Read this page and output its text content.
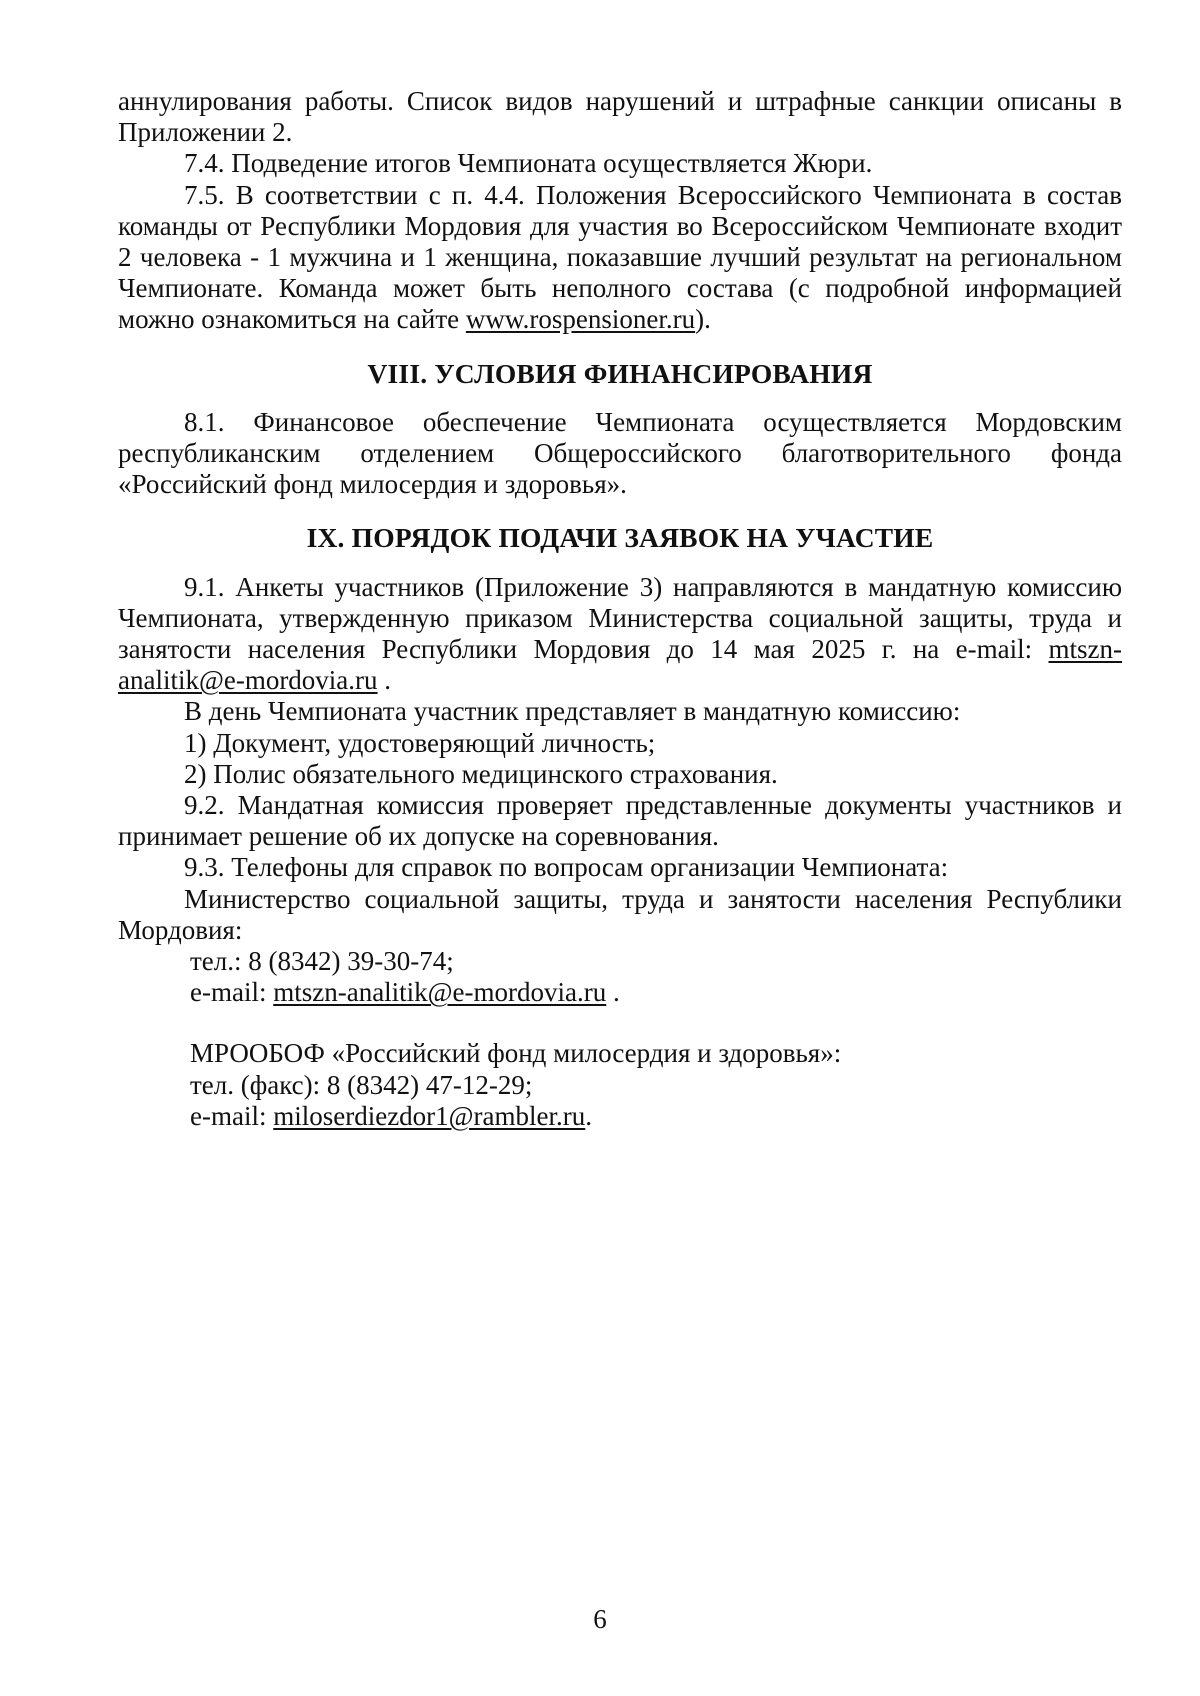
аннулирования работы. Список видов нарушений и штрафные санкции описаны в Приложении 2.

7.4. Подведение итогов Чемпионата осуществляется Жюри.

7.5. В соответствии с п. 4.4. Положения Всероссийского Чемпионата в состав команды от Республики Мордовия для участия во Всероссийском Чемпионате входит 2 человека - 1 мужчина и 1 женщина, показавшие лучший результат на региональном Чемпионате. Команда может быть неполного состава (с подробной информацией можно ознакомиться на сайте www.rospensioner.ru).

VIII. УСЛОВИЯ ФИНАНСИРОВАНИЯ

8.1. Финансовое обеспечение Чемпионата осуществляется Мордовским республиканским отделением Общероссийского благотворительного фонда «Российский фонд милосердия и здоровья».

IX. ПОРЯДОК ПОДАЧИ ЗАЯВОК НА УЧАСТИЕ

9.1. Анкеты участников (Приложение 3) направляются в мандатную комиссию Чемпионата, утвержденную приказом Министерства социальной защиты, труда и занятости населения Республики Мордовия до 14 мая 2025 г. на e-mail: mtszn-analitik@e-mordovia.ru .

В день Чемпионата участник представляет в мандатную комиссию:

1) Документ, удостоверяющий личность;

2) Полис обязательного медицинского страхования.

9.2. Мандатная комиссия проверяет представленные документы участников и принимает решение об их допуске на соревнования.

9.3. Телефоны для справок по вопросам организации Чемпионата:

Министерство социальной защиты, труда и занятости населения Республики Мордовия:

тел.: 8 (8342) 39-30-74;

e-mail: mtszn-analitik@e-mordovia.ru .

МРООБОФ «Российский фонд милосердия и здоровья»:

тел. (факс): 8 (8342) 47-12-29;

e-mail: miloserdiezdor1@rambler.ru.

6
